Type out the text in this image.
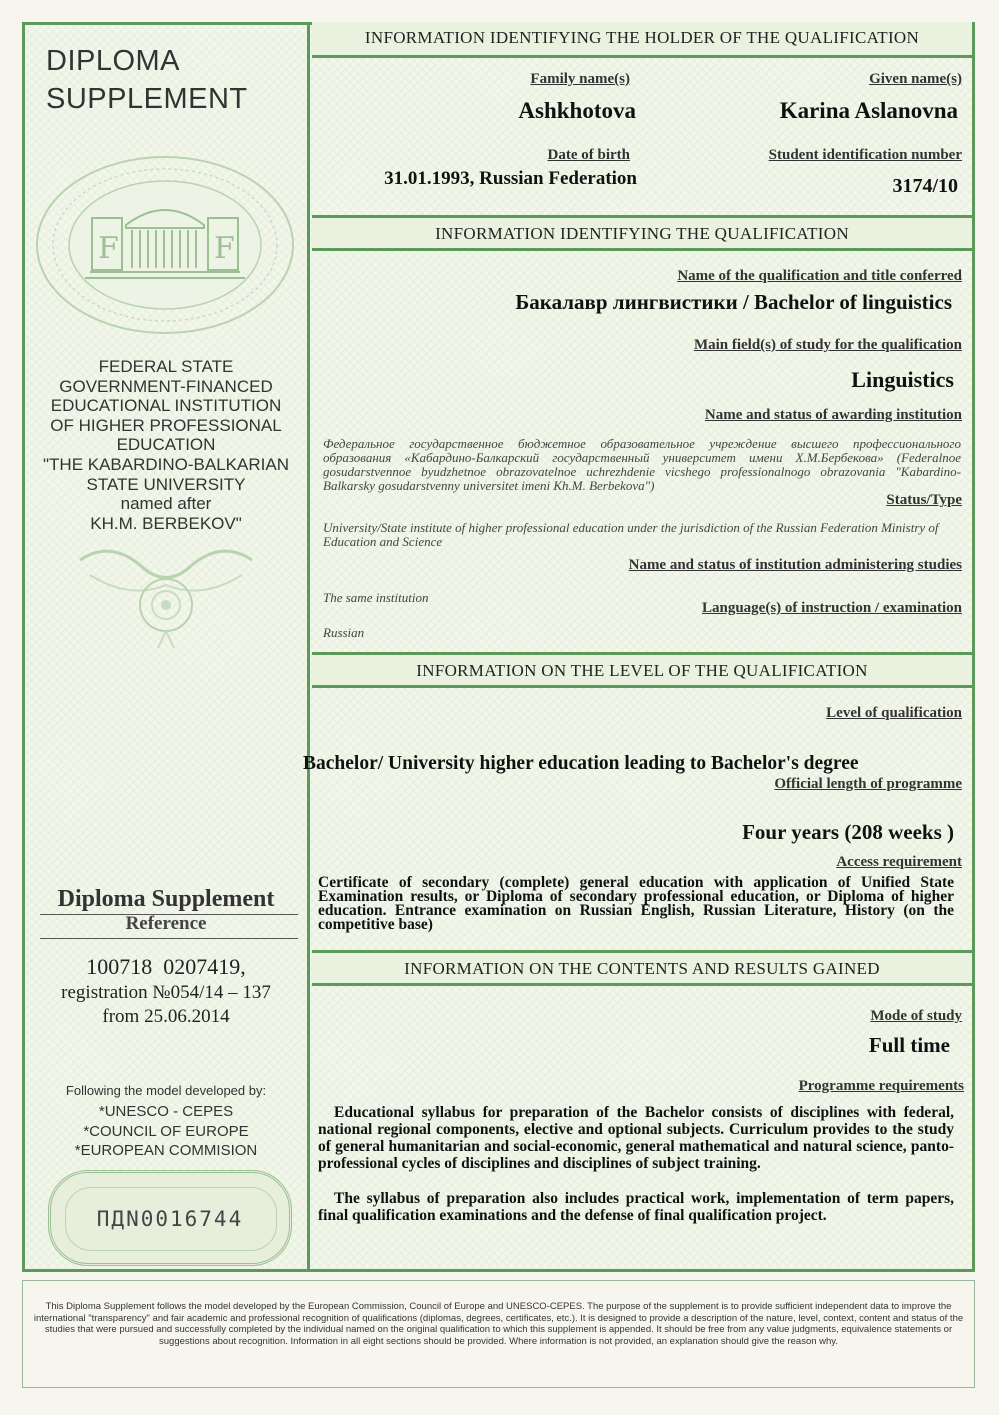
DIPLOMA
SUPPLEMENT
F	F
FEDERAL STATE
GOVERNMENT-FINANCED
EDUCATIONAL INSTITUTION
OF HIGHER PROFESSIONAL
EDUCATION
"THE KABARDINO-BALKARIAN
STATE UNIVERSITY
named after
KH.M. BERBEKOV"
Diploma Supplement
Reference
100718  0207419,
registration №054/14 – 137
from 25.06.2014
Following the model developed by:
*UNESCO - CEPES
*COUNCIL OF EUROPE
*EUROPEAN COMMISION
ПДN0016744
INFORMATION IDENTIFYING THE HOLDER OF THE QUALIFICATION
Family name(s)
Ashkhotova
Given name(s)
Karina Aslanovna
Date of birth
31.01.1993, Russian Federation
Student identification number
3174/10
INFORMATION IDENTIFYING THE QUALIFICATION
Name of the qualification and title conferred
Бакалавр лингвистики / Bachelor of linguistics
Main field(s) of study for the qualification
Linguistics
Name and status of awarding institution
Федеральное государственное бюджетное образовательное учреждение высшего профессионального образования «Кабардино-Балкарский государственный университет имени Х.М.Бербекова» (Federalnoe gosudarstvennoe byudzhetnoe obrazovatelnoe uchrezhdenie vicshego professionalnogo obrazovania "Kabardino-Balkarsky gosudarstvenny universitet imeni Kh.M. Berbekova")
Status/Type
University/State institute of higher professional education under the jurisdiction of the Russian Federation Ministry of Education and Science
Name and status of institution administering studies
The same institution
Language(s) of instruction / examination
Russian
INFORMATION ON THE LEVEL OF THE QUALIFICATION
Level of qualification
Bachelor/ University higher education leading to Bachelor's degree
Official length of programme
Four years (208 weeks )
Access requirement
Certificate of secondary (complete) general education with application of Unified State Examination results, or Diploma of secondary professional education, or Diploma of higher education. Entrance examination on Russian English, Russian Literature, History (on the competitive base)
INFORMATION ON THE CONTENTS AND RESULTS GAINED
Mode of study
Full time
Programme requirements
Educational syllabus for preparation of the Bachelor consists of disciplines with federal, national regional components, elective and optional subjects. Curriculum provides to the study of general humanitarian and social-economic, general mathematical and natural science, panto-professional cycles of disciplines and disciplines of subject training.
The syllabus of preparation also includes practical work, implementation of term papers, final qualification examinations and the defense of final qualification project.
This Diploma Supplement follows the model developed by the European Commission, Council of Europe and UNESCO-CEPES. The purpose of the supplement is to provide sufficient independent data to improve the international "transparency" and fair academic and professional recognition of qualifications (diplomas, degrees, certificates, etc.). It is designed to provide a description of the nature, level, context, content and status of the studies that were pursued and successfully completed by the individual named on the original qualification to which this supplement is appended. It should be free from any value judgments, equivalence statements or suggestions about recognition. Information in all eight sections should be provided. Where information is not provided, an explanation should give the reason why.
